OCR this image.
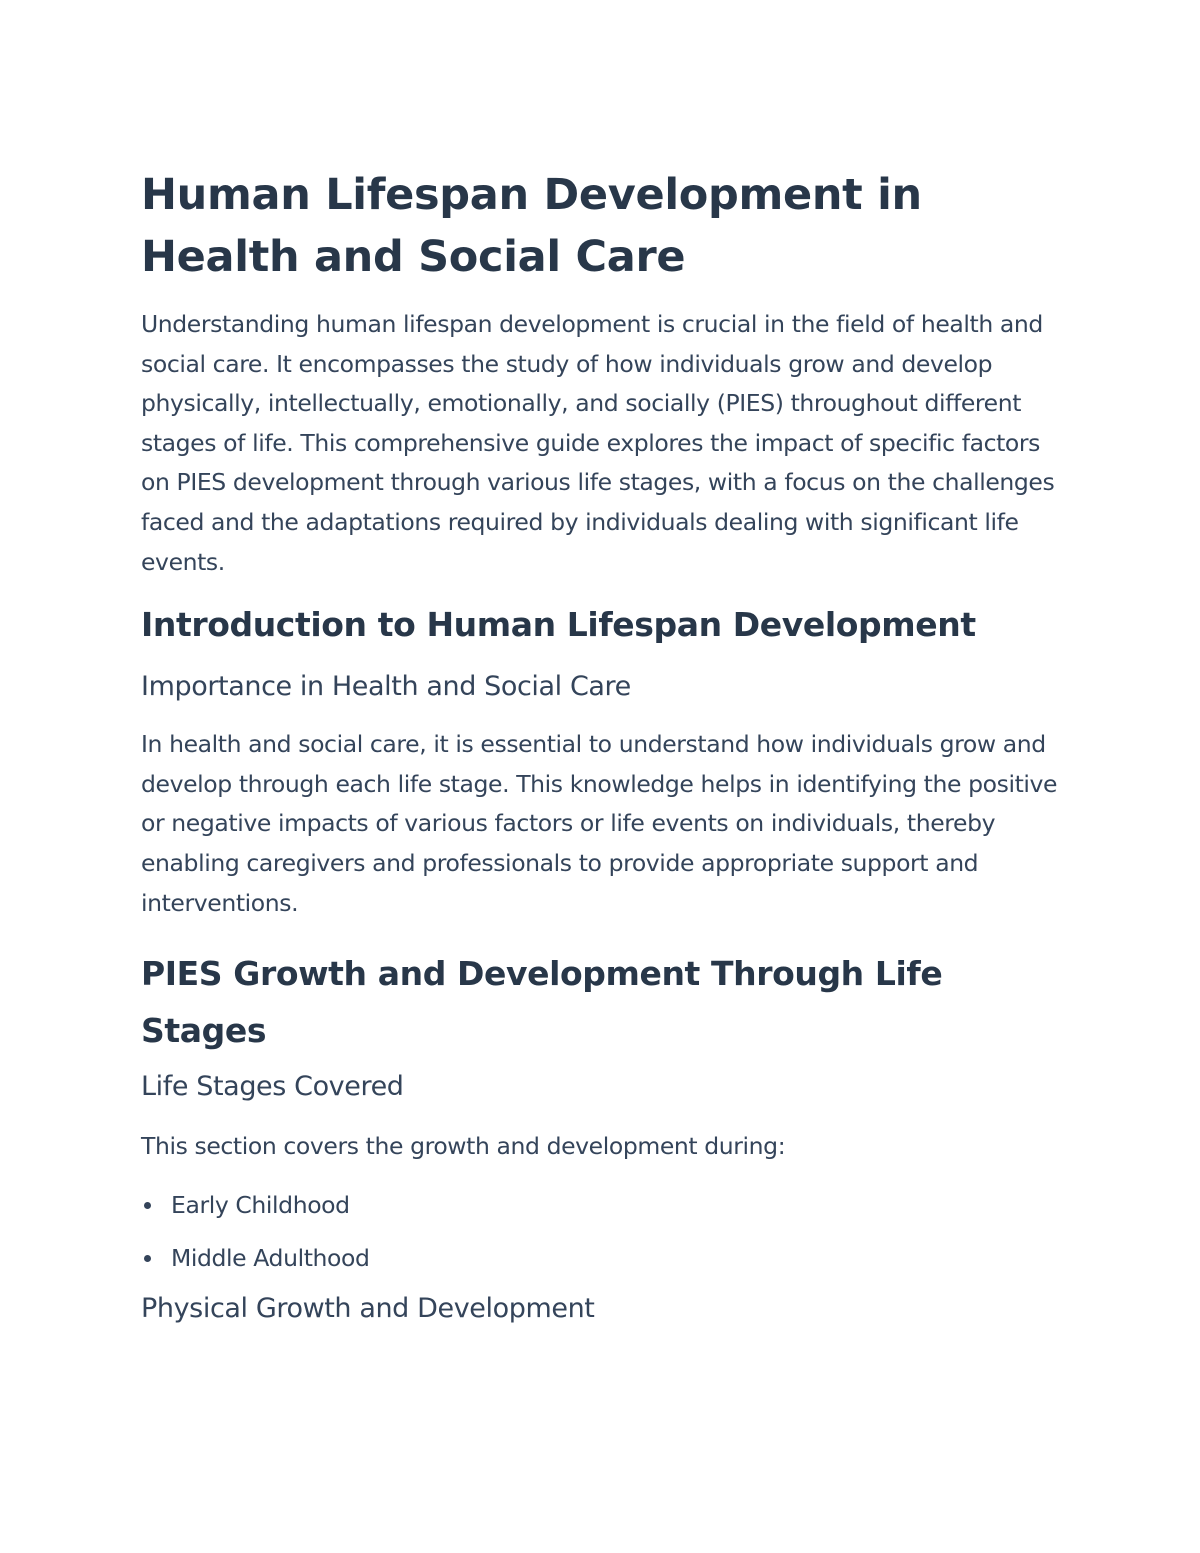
Human Lifespan Development in Health and Social Care

Understanding human lifespan development is crucial in the field of health and social care. It encompasses the study of how individuals grow and develop physically, intellectually, emotionally, and socially (PIES) throughout different stages of life. This comprehensive guide explores the impact of specific factors on PIES development through various life stages, with a focus on the challenges faced and the adaptations required by individuals dealing with significant life events.

Introduction to Human Lifespan Development
Importance in Health and Social Care

In health and social care, it is essential to understand how individuals grow and develop through each life stage. This knowledge helps in identifying the positive or negative impacts of various factors or life events on individuals, thereby enabling caregivers and professionals to provide appropriate support and interventions.

PIES Growth and Development Through Life Stages
Life Stages Covered

This section covers the growth and development during:

Early Childhood
Middle Adulthood
Physical Growth and Development
